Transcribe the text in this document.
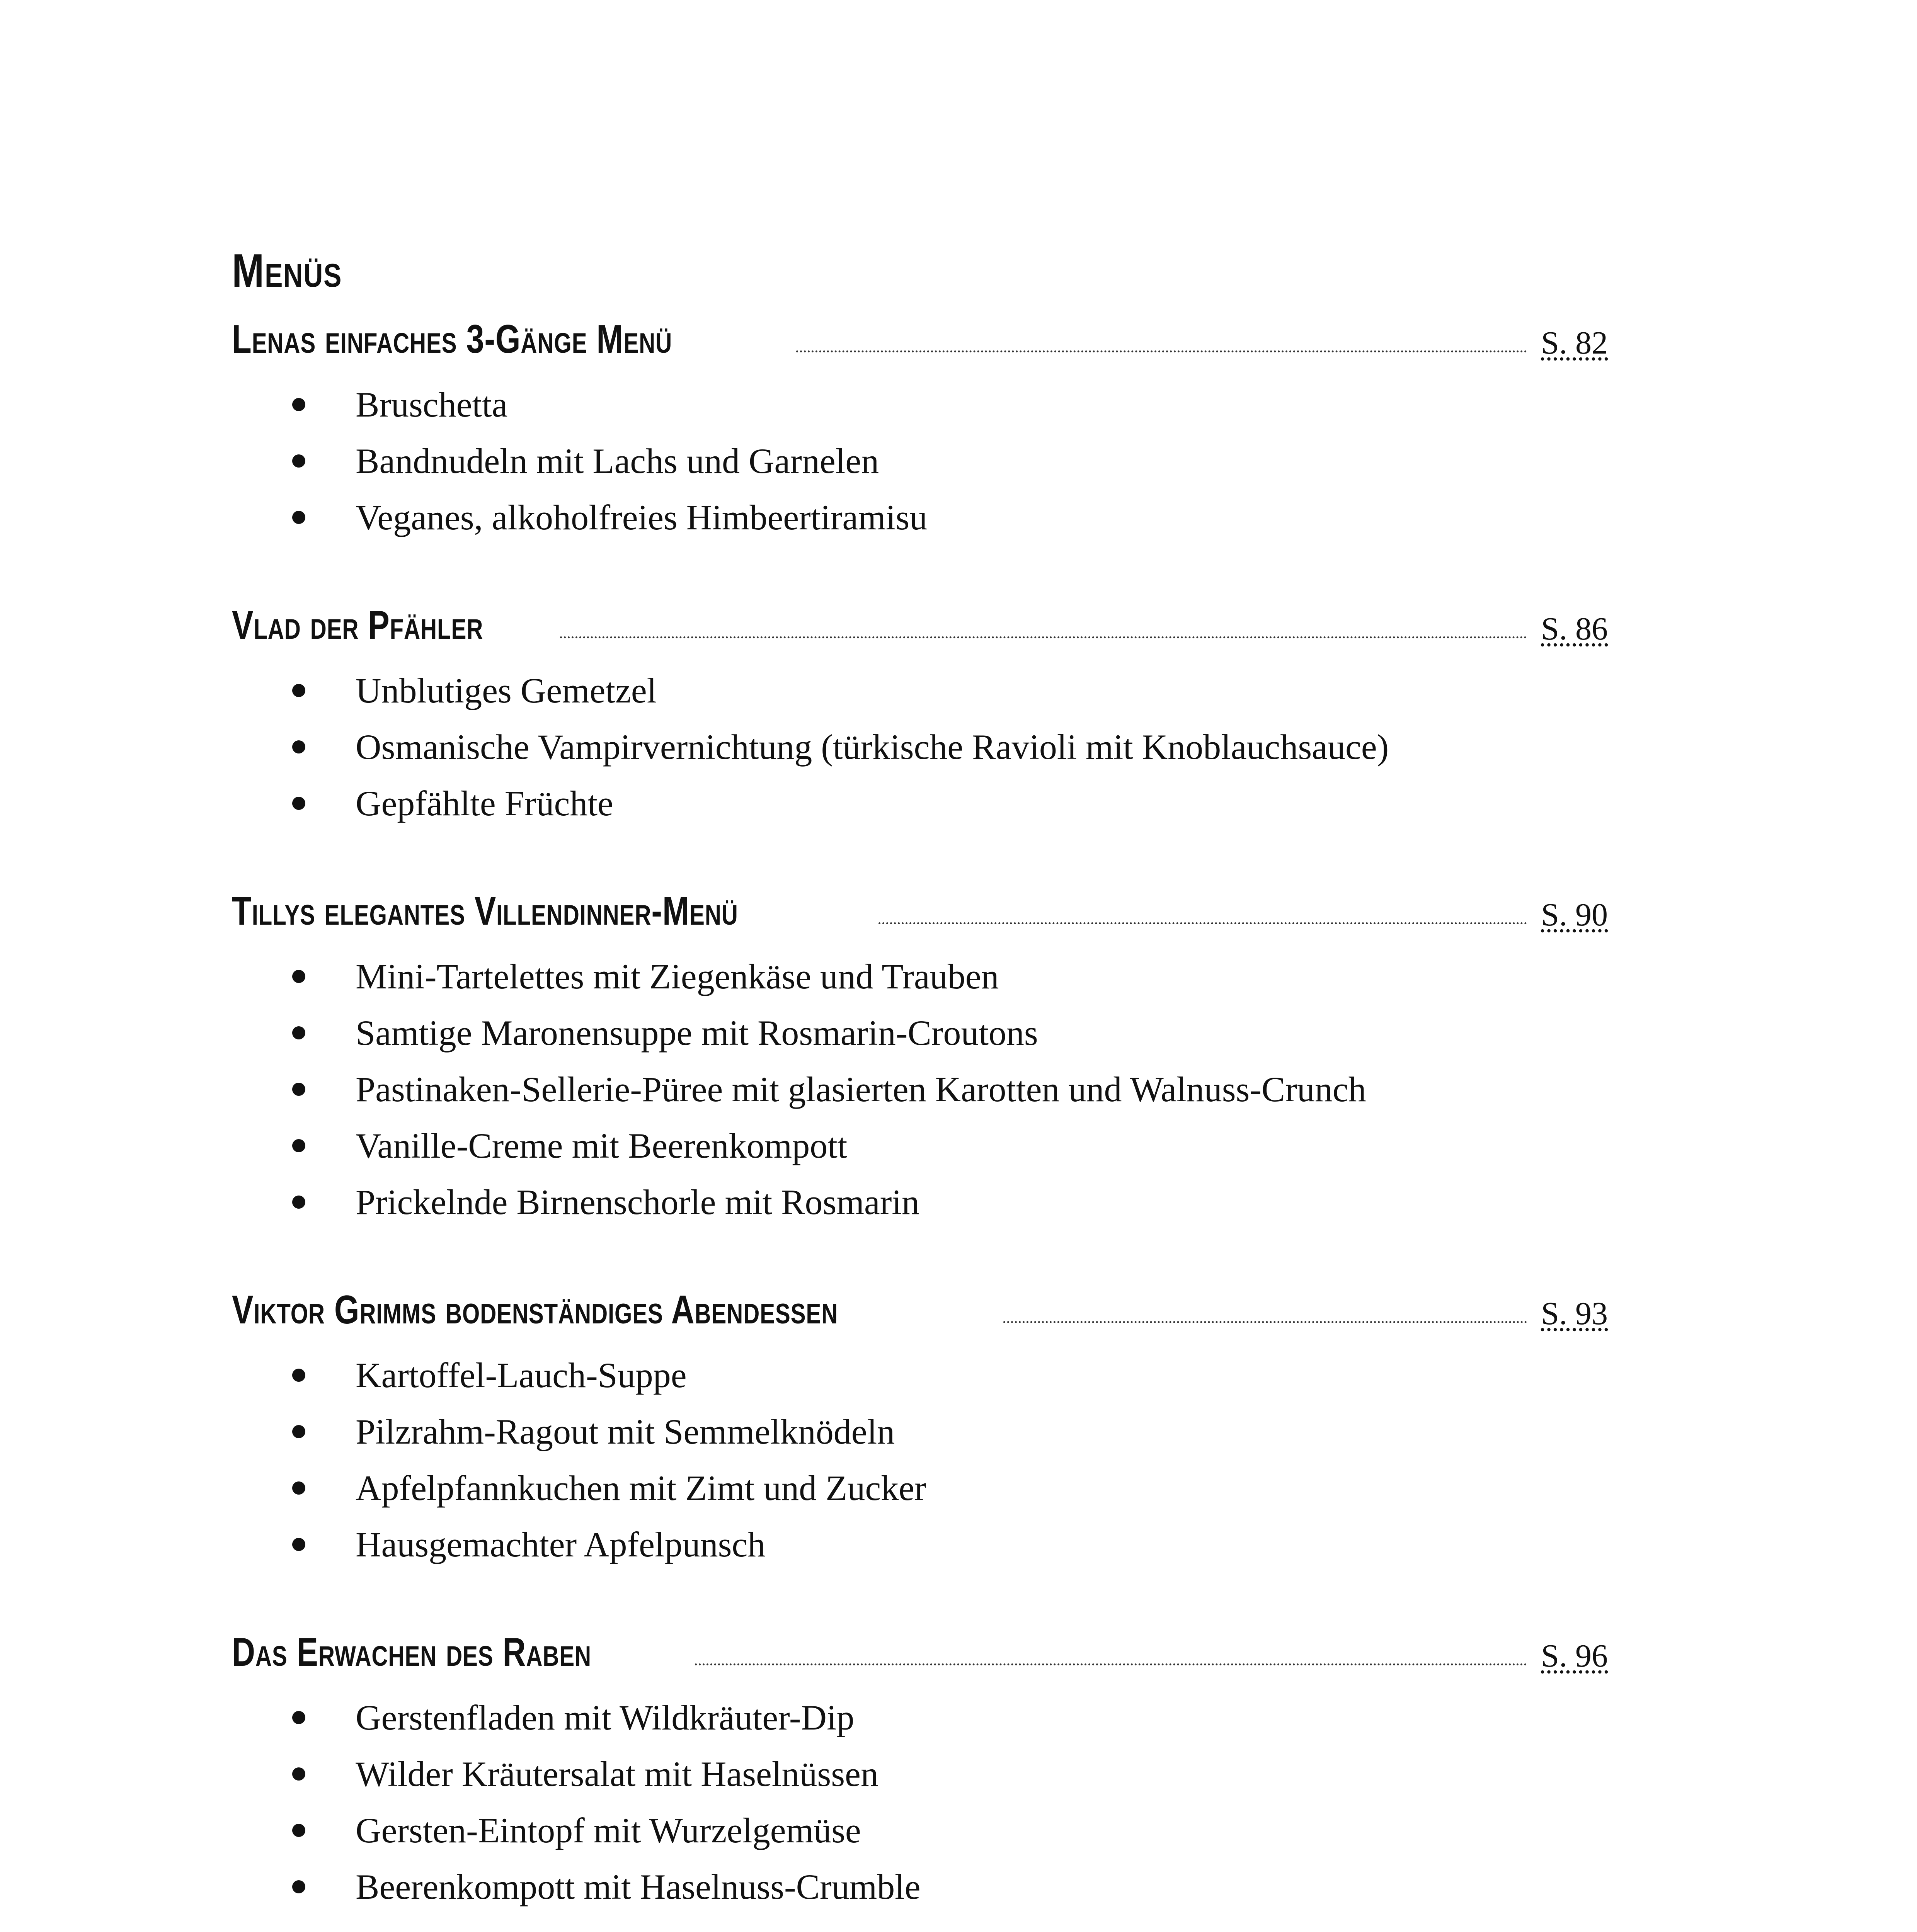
Menüs
Lenas einfaches 3-Gänge Menü	S. 82
Bruschetta
Bandnudeln mit Lachs und Garnelen
Veganes, alkoholfreies Himbeertiramisu
Vlad der Pfähler	S. 86
Unblutiges Gemetzel
Osmanische Vampirvernichtung (türkische Ravioli mit Knoblauchsauce)
Gepfählte Früchte
Tillys elegantes Villendinner-Menü	S. 90
Mini-Tartelettes mit Ziegenkäse und Trauben
Samtige Maronensuppe mit Rosmarin-Croutons
Pastinaken-Sellerie-Püree mit glasierten Karotten und Walnuss-Crunch
Vanille-Creme mit Beerenkompott
Prickelnde Birnenschorle mit Rosmarin
Viktor Grimms bodenständiges Abendessen	S. 93
Kartoffel-Lauch-Suppe
Pilzrahm-Ragout mit Semmelknödeln
Apfelpfannkuchen mit Zimt und Zucker
Hausgemachter Apfelpunsch
Das Erwachen des Raben	S. 96
Gerstenfladen mit Wildkräuter-Dip
Wilder Kräutersalat mit Haselnüssen
Gersten-Eintopf mit Wurzelgemüse
Beerenkompott mit Haselnuss-Crumble
